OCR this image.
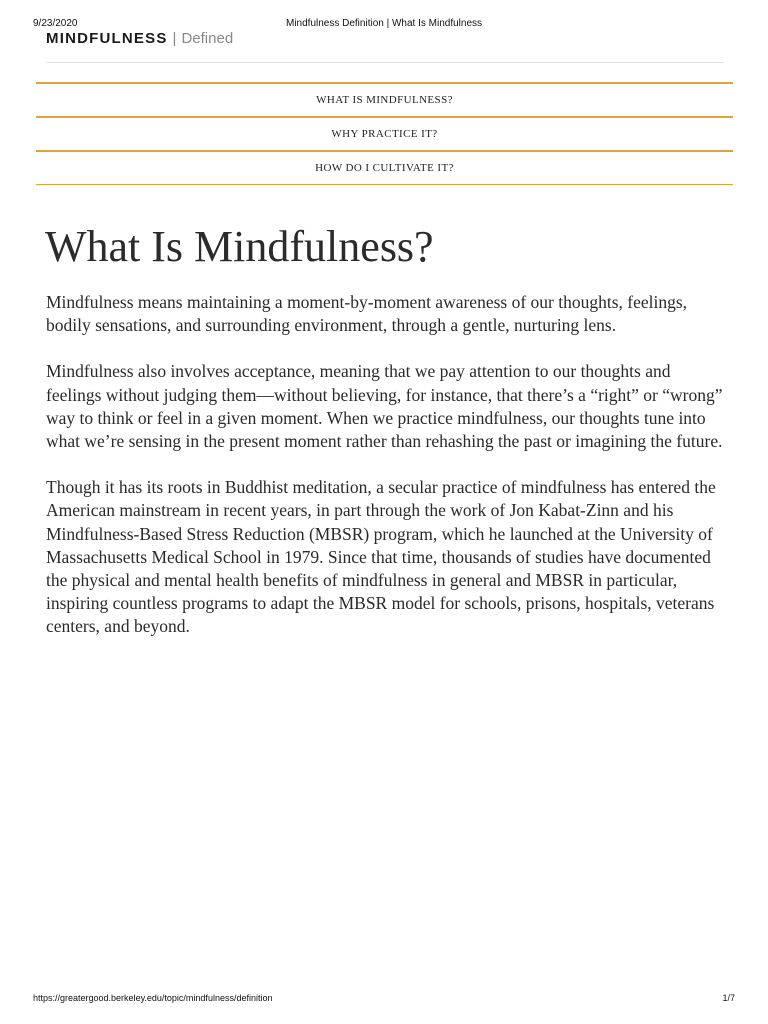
9/23/2020	Mindfulness Definition | What Is Mindfulness
MINDFULNESS | Defined
WHAT IS MINDFULNESS?
WHY PRACTICE IT?
HOW DO I CULTIVATE IT?
What Is Mindfulness?

Mindfulness means maintaining a moment-by-moment awareness of our thoughts, feelings, bodily sensations, and surrounding environment, through a gentle, nurturing lens.

Mindfulness also involves acceptance, meaning that we pay attention to our thoughts and feelings without judging them—without believing, for instance, that there’s a “right” or “wrong” way to think or feel in a given moment. When we practice mindfulness, our thoughts tune into what we’re sensing in the present moment rather than rehashing the past or imagining the future.

Though it has its roots in Buddhist meditation, a secular practice of mindfulness has entered the American mainstream in recent years, in part through the work of Jon Kabat-Zinn and his Mindfulness-Based Stress Reduction (MBSR) program, which he launched at the University of Massachusetts Medical School in 1979. Since that time, thousands of studies have documented the physical and mental health benefits of mindfulness in general and MBSR in particular, inspiring countless programs to adapt the MBSR model for schools, prisons, hospitals, veterans centers, and beyond.

https://greatergood.berkeley.edu/topic/mindfulness/definition	1/7
